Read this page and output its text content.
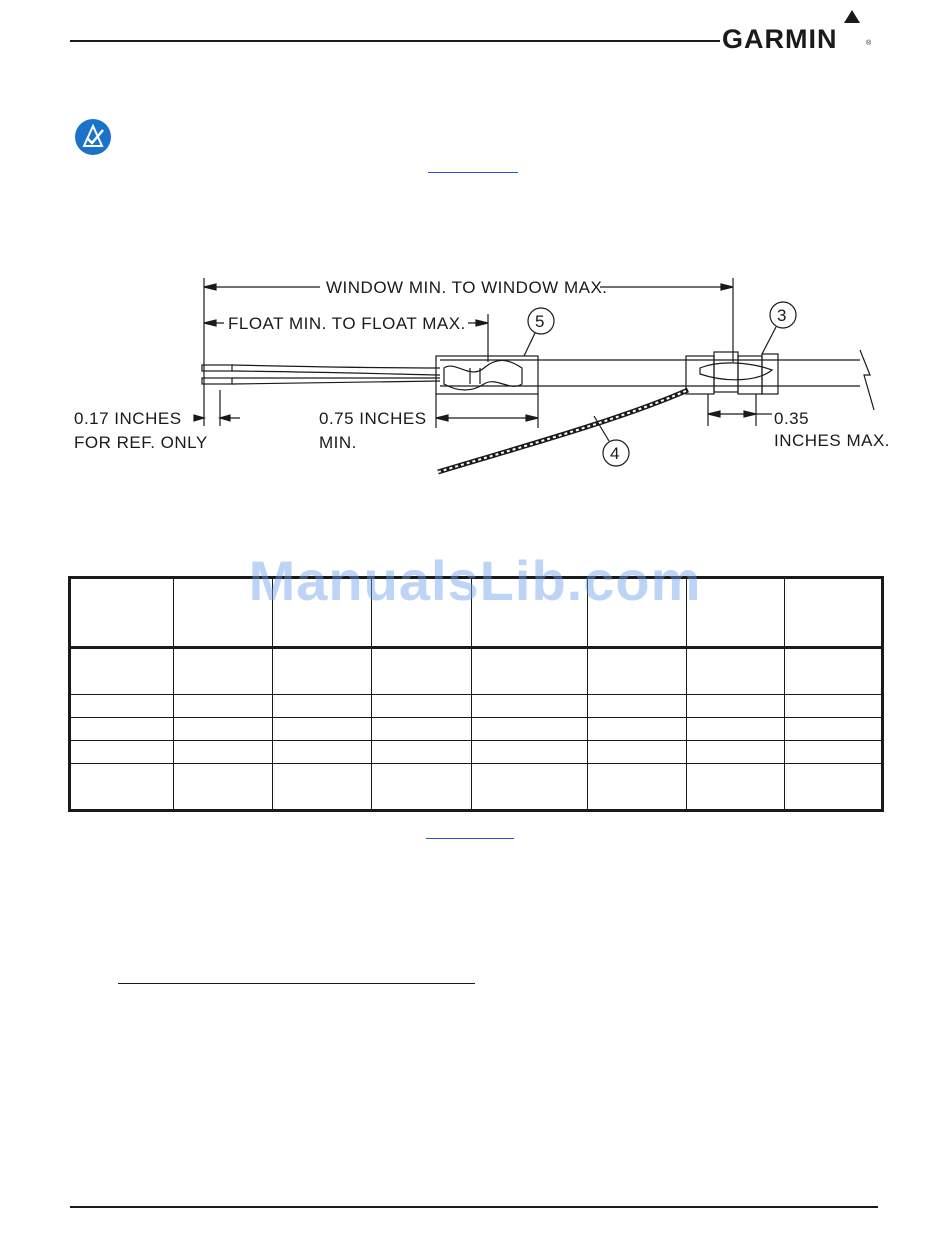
GARMIN	®
WINDOW MIN. TO WINDOW MAX.
FLOAT MIN. TO FLOAT MAX.
0.17 INCHES
FOR REF. ONLY
0.75 INCHES
MIN.
0.35
INCHES MAX.
5	3
4

ManualsLib.com
